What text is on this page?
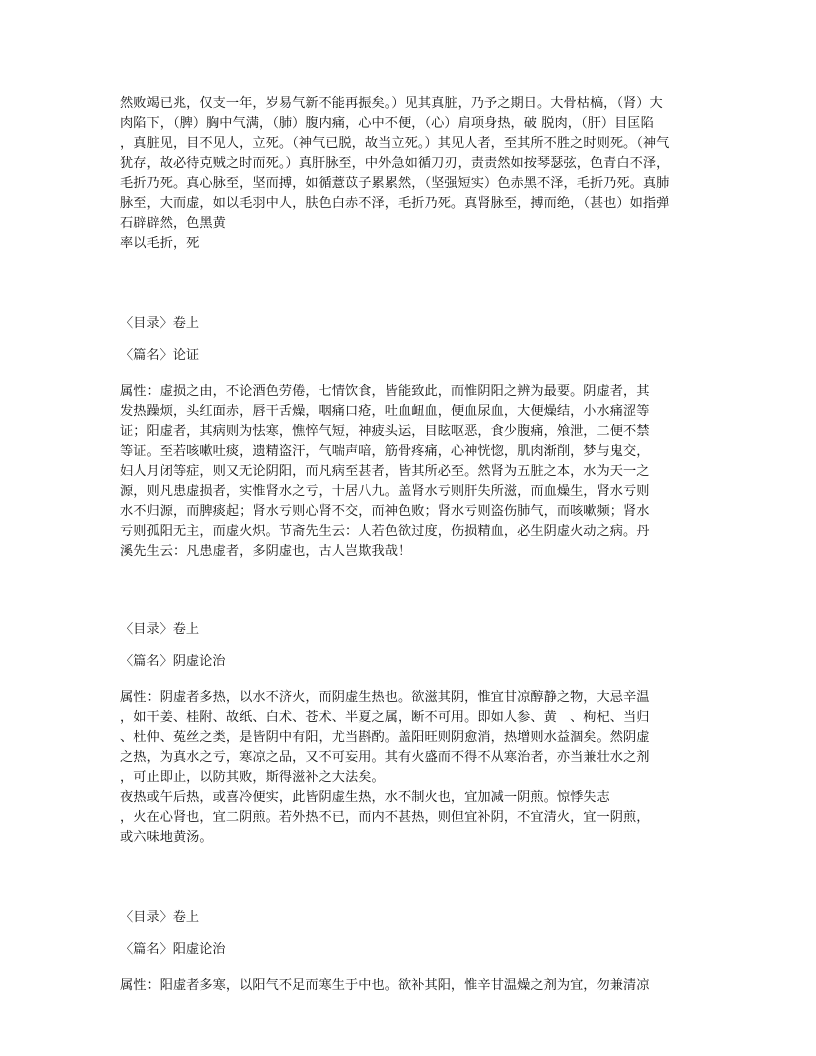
然败竭已兆，仅支一年，岁易气新不能再振矣。）见其真脏，乃予之期日。大骨枯槁，（肾）大

肉陷下，（脾）胸中气满，（肺）腹内痛，心中不便，（心）肩项身热，破 脱肉，（肝）目匡陷

，真脏见，目不见人，立死。（神气已脱，故当立死。）其见人者，至其所不胜之时则死。（神气

犹存，故必待克贼之时而死。）真肝脉至，中外急如循刀刃，责责然如按琴瑟弦，色青白不泽，

毛折乃死。真心脉至，坚而搏，如循薏苡子累累然，（坚强短实）色赤黑不泽，毛折乃死。真肺

脉至，大而虚，如以毛羽中人，肤色白赤不泽，毛折乃死。真肾脉至，搏而绝，（甚也）如指弹

石辟辟然，色黑黄

率以毛折，死

〈目录〉卷上

〈篇名〉论证

属性：虚损之由，不论酒色劳倦，七情饮食，皆能致此，而惟阴阳之辨为最要。阴虚者，其

发热躁烦，头红面赤，唇干舌燥，咽痛口疮，吐血衄血，便血尿血，大便燥结，小水痛涩等

证；阳虚者，其病则为怯寒，憔悴气短，神疲头运，目眩呕恶，食少腹痛，飧泄，二便不禁

等证。至若咳嗽吐痰，遗精盗汗，气喘声喑，筋骨疼痛，心神恍惚，肌肉渐削，梦与鬼交，

妇人月闭等症，则又无论阴阳，而凡病至甚者，皆其所必至。然肾为五脏之本，水为天一之

源，则凡患虚损者，实惟肾水之亏，十居八九。盖肾水亏则肝失所滋，而血燥生，肾水亏则

水不归源，而脾痰起；肾水亏则心肾不交，而神色败；肾水亏则盗伤肺气，而咳嗽频；肾水

亏则孤阳无主，而虚火炽。节斋先生云：人若色欲过度，伤损精血，必生阴虚火动之病。丹

溪先生云：凡患虚者，多阴虚也，古人岂欺我哉！

〈目录〉卷上

〈篇名〉阴虚论治

属性：阴虚者多热，以水不济火，而阴虚生热也。欲滋其阴，惟宜甘凉醇静之物，大忌辛温

，如干姜、桂附、故纸、白术、苍术、半夏之属，断不可用。即如人参、黄　、枸杞、当归

、杜仲、菟丝之类，是皆阴中有阳，尤当斟酌。盖阳旺则阴愈消，热增则水益涸矣。然阴虚

之热，为真水之亏，寒凉之品，又不可妄用。其有火盛而不得不从寒治者，亦当兼壮水之剂

，可止即止，以防其败，斯得滋补之大法矣。

夜热或午后热，或喜冷便实，此皆阴虚生热，水不制火也，宜加减一阴煎。惊悸失志

，火在心肾也，宜二阴煎。若外热不已，而内不甚热，则但宜补阴，不宜清火，宜一阴煎，

或六味地黄汤。

〈目录〉卷上

〈篇名〉阳虚论治

属性：阳虚者多寒，以阳气不足而寒生于中也。欲补其阳，惟辛甘温燥之剂为宜，勿兼清凉
